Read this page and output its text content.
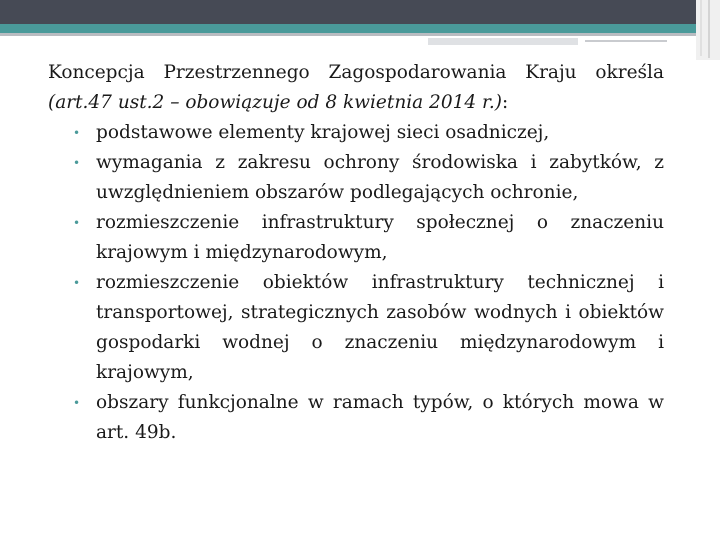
Koncepcja Przestrzennego Zagospodarowania Kraju określa
(art.47 ust.2 – obowiązuje od 8 kwietnia 2014 r.):

• podstawowe elementy krajowej sieci osadniczej,
• wymagania z zakresu ochrony środowiska i zabytków, z uwzględnieniem obszarów podlegających ochronie,
• rozmieszczenie infrastruktury społecznej o znaczeniu krajowym i międzynarodowym,
• rozmieszczenie obiektów infrastruktury technicznej i transportowej, strategicznych zasobów wodnych i obiektów gospodarki wodnej o znaczeniu międzynarodowym i krajowym,
• obszary funkcjonalne w ramach typów, o których mowa w art. 49b.
